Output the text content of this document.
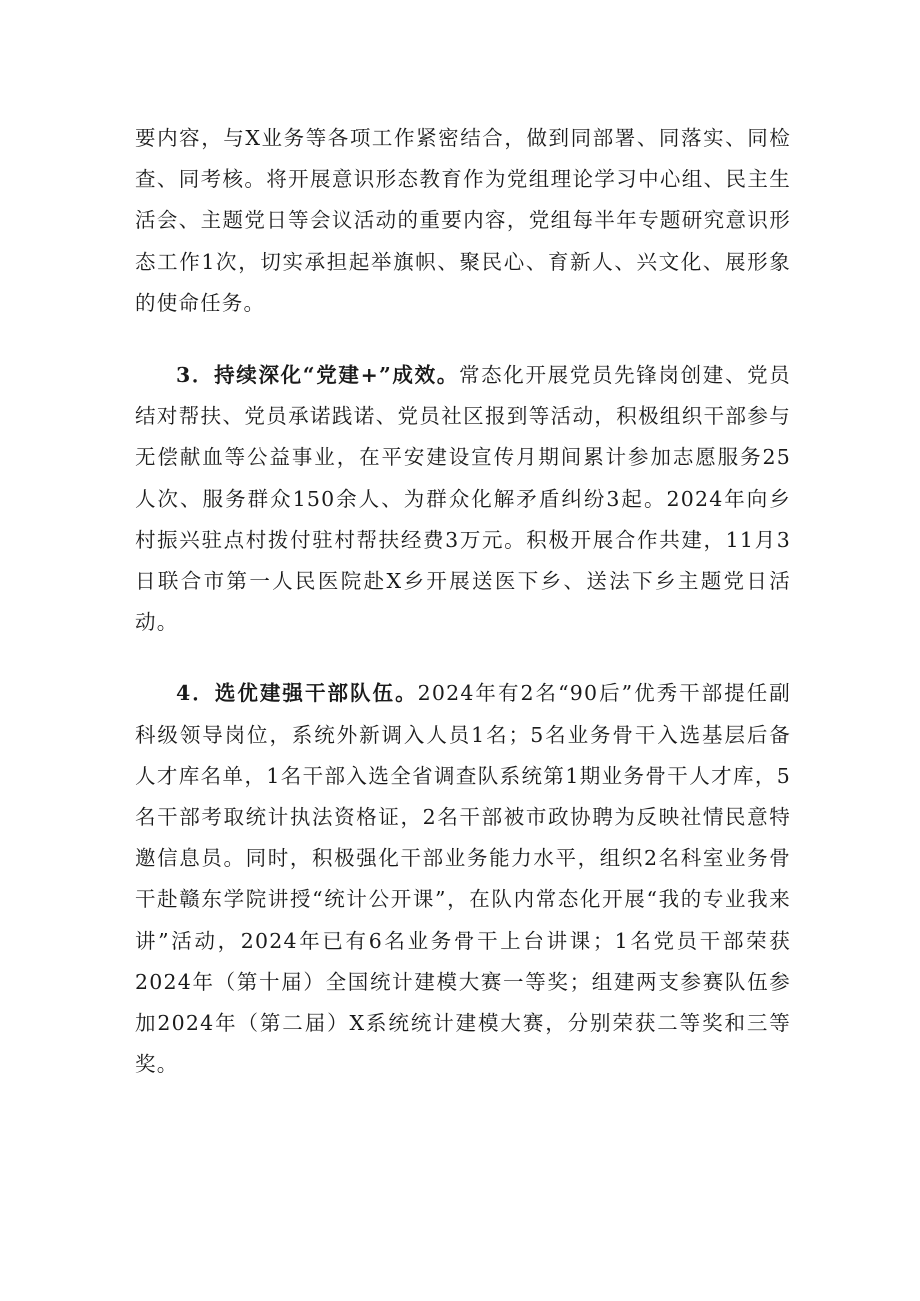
要内容，与X业务等各项工作紧密结合，做到同部署、同落实、同检查、同考核。将开展意识形态教育作为党组理论学习中心组、民主生活会、主题党日等会议活动的重要内容，党组每半年专题研究意识形态工作1次，切实承担起举旗帜、聚民心、育新人、兴文化、展形象的使命任务。

3．持续深化“党建+”成效。常态化开展党员先锋岗创建、党员结对帮扶、党员承诺践诺、党员社区报到等活动，积极组织干部参与无偿献血等公益事业，在平安建设宣传月期间累计参加志愿服务25人次、服务群众150余人、为群众化解矛盾纠纷3起。2024年向乡村振兴驻点村拨付驻村帮扶经费3万元。积极开展合作共建，11月3日联合市第一人民医院赴X乡开展送医下乡、送法下乡主题党日活动。

4．选优建强干部队伍。2024年有2名“90后”优秀干部提任副科级领导岗位，系统外新调入人员1名；5名业务骨干入选基层后备人才库名单，1名干部入选全省调查队系统第1期业务骨干人才库，5名干部考取统计执法资格证，2名干部被市政协聘为反映社情民意特邀信息员。同时，积极强化干部业务能力水平，组织2名科室业务骨干赴赣东学院讲授“统计公开课”，在队内常态化开展“我的专业我来讲”活动，2024年已有6名业务骨干上台讲课；1名党员干部荣获2024年（第十届）全国统计建模大赛一等奖；组建两支参赛队伍参加2024年（第二届）X系统统计建模大赛，分别荣获二等奖和三等奖。
